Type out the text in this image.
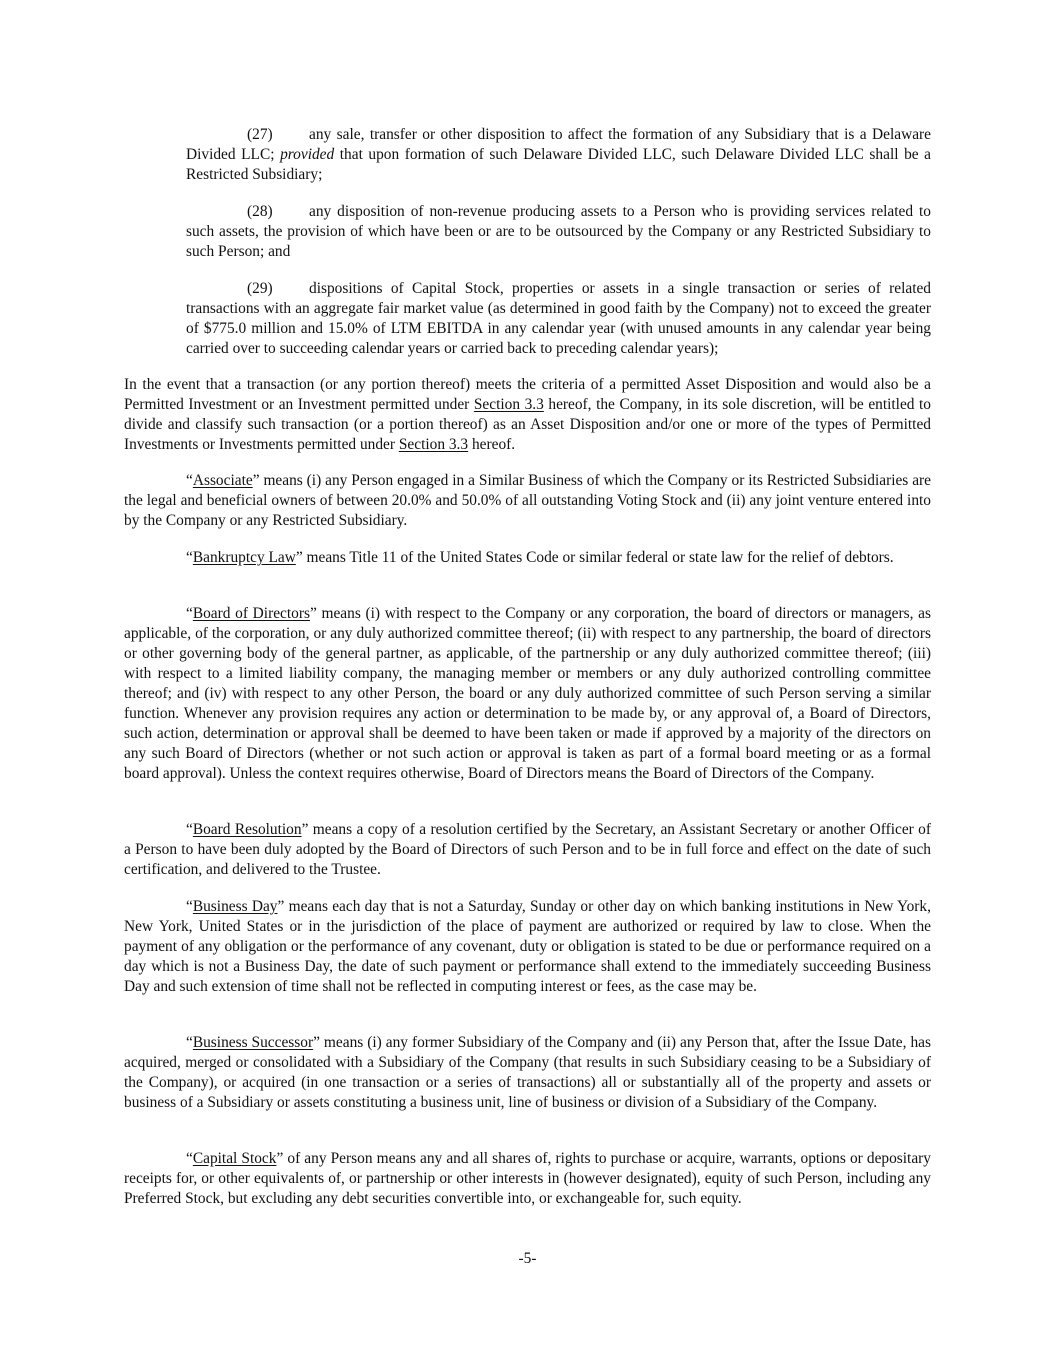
(27) any sale, transfer or other disposition to affect the formation of any Subsidiary that is a Delaware Divided LLC; provided that upon formation of such Delaware Divided LLC, such Delaware Divided LLC shall be a Restricted Subsidiary;

(28) any disposition of non-revenue producing assets to a Person who is providing services related to such assets, the provision of which have been or are to be outsourced by the Company or any Restricted Subsidiary to such Person; and

(29) dispositions of Capital Stock, properties or assets in a single transaction or series of related transactions with an aggregate fair market value (as determined in good faith by the Company) not to exceed the greater of $775.0 million and 15.0% of LTM EBITDA in any calendar year (with unused amounts in any calendar year being carried over to succeeding calendar years or carried back to preceding calendar years);

In the event that a transaction (or any portion thereof) meets the criteria of a permitted Asset Disposition and would also be a Permitted Investment or an Investment permitted under Section 3.3 hereof, the Company, in its sole discretion, will be entitled to divide and classify such transaction (or a portion thereof) as an Asset Disposition and/or one or more of the types of Permitted Investments or Investments permitted under Section 3.3 hereof.

“Associate” means (i) any Person engaged in a Similar Business of which the Company or its Restricted Subsidiaries are the legal and beneficial owners of between 20.0% and 50.0% of all outstanding Voting Stock and (ii) any joint venture entered into by the Company or any Restricted Subsidiary.

“Bankruptcy Law” means Title 11 of the United States Code or similar federal or state law for the relief of debtors.

“Board of Directors” means (i) with respect to the Company or any corporation, the board of directors or managers, as applicable, of the corporation, or any duly authorized committee thereof; (ii) with respect to any partnership, the board of directors or other governing body of the general partner, as applicable, of the partnership or any duly authorized committee thereof; (iii) with respect to a limited liability company, the managing member or members or any duly authorized controlling committee thereof; and (iv) with respect to any other Person, the board or any duly authorized committee of such Person serving a similar function. Whenever any provision requires any action or determination to be made by, or any approval of, a Board of Directors, such action, determination or approval shall be deemed to have been taken or made if approved by a majority of the directors on any such Board of Directors (whether or not such action or approval is taken as part of a formal board meeting or as a formal board approval). Unless the context requires otherwise, Board of Directors means the Board of Directors of the Company.

“Board Resolution” means a copy of a resolution certified by the Secretary, an Assistant Secretary or another Officer of a Person to have been duly adopted by the Board of Directors of such Person and to be in full force and effect on the date of such certification, and delivered to the Trustee.

“Business Day” means each day that is not a Saturday, Sunday or other day on which banking institutions in New York, New York, United States or in the jurisdiction of the place of payment are authorized or required by law to close. When the payment of any obligation or the performance of any covenant, duty or obligation is stated to be due or performance required on a day which is not a Business Day, the date of such payment or performance shall extend to the immediately succeeding Business Day and such extension of time shall not be reflected in computing interest or fees, as the case may be.

“Business Successor” means (i) any former Subsidiary of the Company and (ii) any Person that, after the Issue Date, has acquired, merged or consolidated with a Subsidiary of the Company (that results in such Subsidiary ceasing to be a Subsidiary of the Company), or acquired (in one transaction or a series of transactions) all or substantially all of the property and assets or business of a Subsidiary or assets constituting a business unit, line of business or division of a Subsidiary of the Company.

“Capital Stock” of any Person means any and all shares of, rights to purchase or acquire, warrants, options or depositary receipts for, or other equivalents of, or partnership or other interests in (however designated), equity of such Person, including any Preferred Stock, but excluding any debt securities convertible into, or exchangeable for, such equity.

-5-
